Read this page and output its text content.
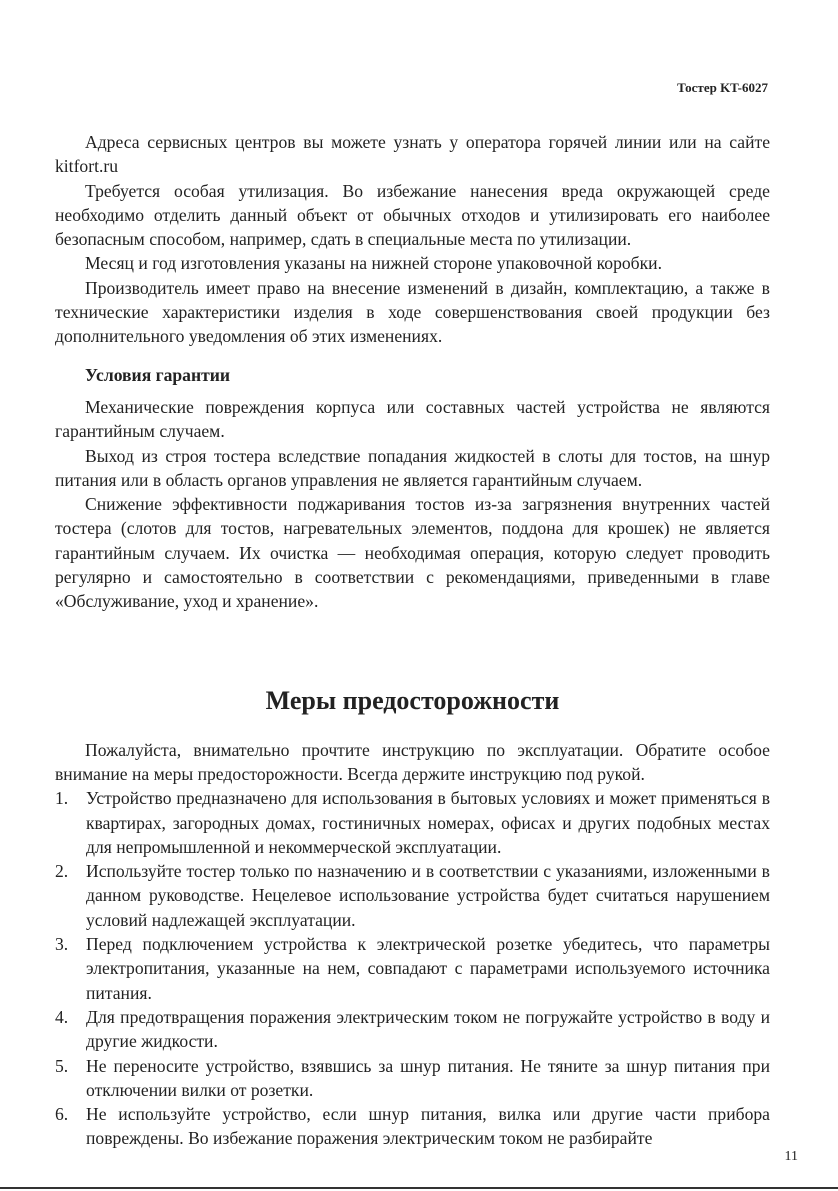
Тостер KT-6027

Адреса сервисных центров вы можете узнать у оператора горячей линии или на сайте kitfort.ru

Требуется особая утилизация. Во избежание нанесения вреда окружающей среде необходимо отделить данный объект от обычных отходов и утилизировать его наиболее безопасным способом, например, сдать в специальные места по утилизации.

Месяц и год изготовления указаны на нижней стороне упаковочной коробки.

Производитель имеет право на внесение изменений в дизайн, комплектацию, а также в технические характеристики изделия в ходе совершенствования своей продукции без дополнительного уведомления об этих изменениях.

Условия гарантии

Механические повреждения корпуса или составных частей устройства не являются гарантийным случаем.

Выход из строя тостера вследствие попадания жидкостей в слоты для тостов, на шнур питания или в область органов управления не является гарантийным случаем.

Снижение эффективности поджаривания тостов из-за загрязнения внутренних частей тостера (слотов для тостов, нагревательных элементов, поддона для крошек) не является гарантийным случаем. Их очистка — необходимая операция, которую следует проводить регулярно и самостоятельно в соответствии с рекомендациями, приведенными в главе «Обслуживание, уход и хранение».

Меры предосторожности

Пожалуйста, внимательно прочтите инструкцию по эксплуатации. Обратите особое внимание на меры предосторожности. Всегда держите инструкцию под рукой.

1. Устройство предназначено для использования в бытовых условиях и может применяться в квартирах, загородных домах, гостиничных номерах, офисах и других подобных местах для непромышленной и некоммерческой эксплуатации.
2. Используйте тостер только по назначению и в соответствии с указаниями, изложенными в данном руководстве. Нецелевое использование устройства будет считаться нарушением условий надлежащей эксплуатации.
3. Перед подключением устройства к электрической розетке убедитесь, что параметры электропитания, указанные на нем, совпадают с параметрами используемого источника питания.
4. Для предотвращения поражения электрическим током не погружайте устройство в воду и другие жидкости.
5. Не переносите устройство, взявшись за шнур питания. Не тяните за шнур питания при отключении вилки от розетки.
6. Не используйте устройство, если шнур питания, вилка или другие части прибора повреждены. Во избежание поражения электрическим током не разбирайте
11
